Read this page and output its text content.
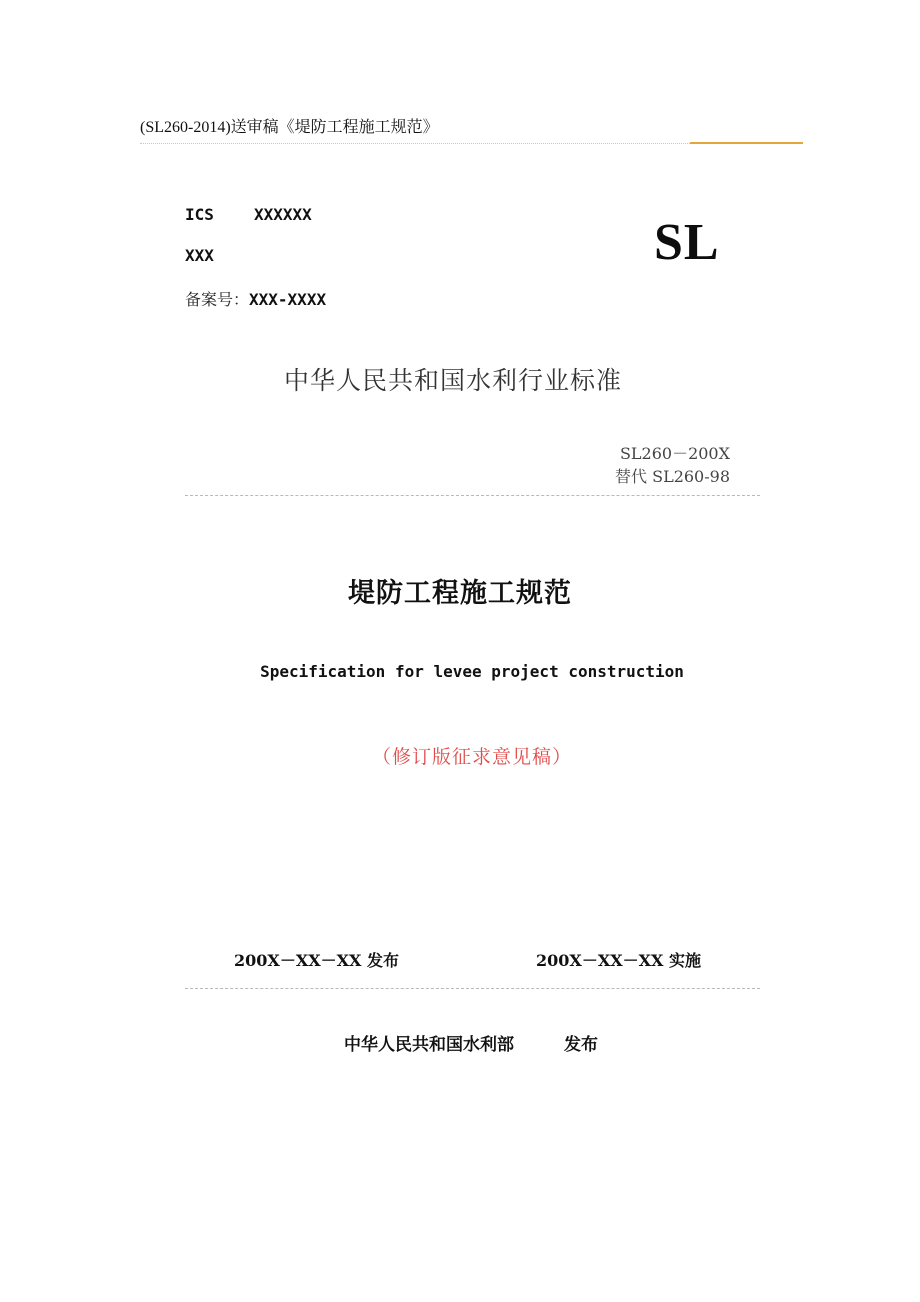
(SL260-2014)送审稿《堤防工程施工规范》
ICS	XXXXXX
XXX
备案号：XXX-XXXX
SL
中华人民共和国水利行业标准
SL260－200X
替代 SL260-98
堤防工程施工规范
Specification for levee project construction
（修订版征求意见稿）
200X－XX－XX 发布	200X－XX－XX 实施
中华人民共和国水利部	发布
